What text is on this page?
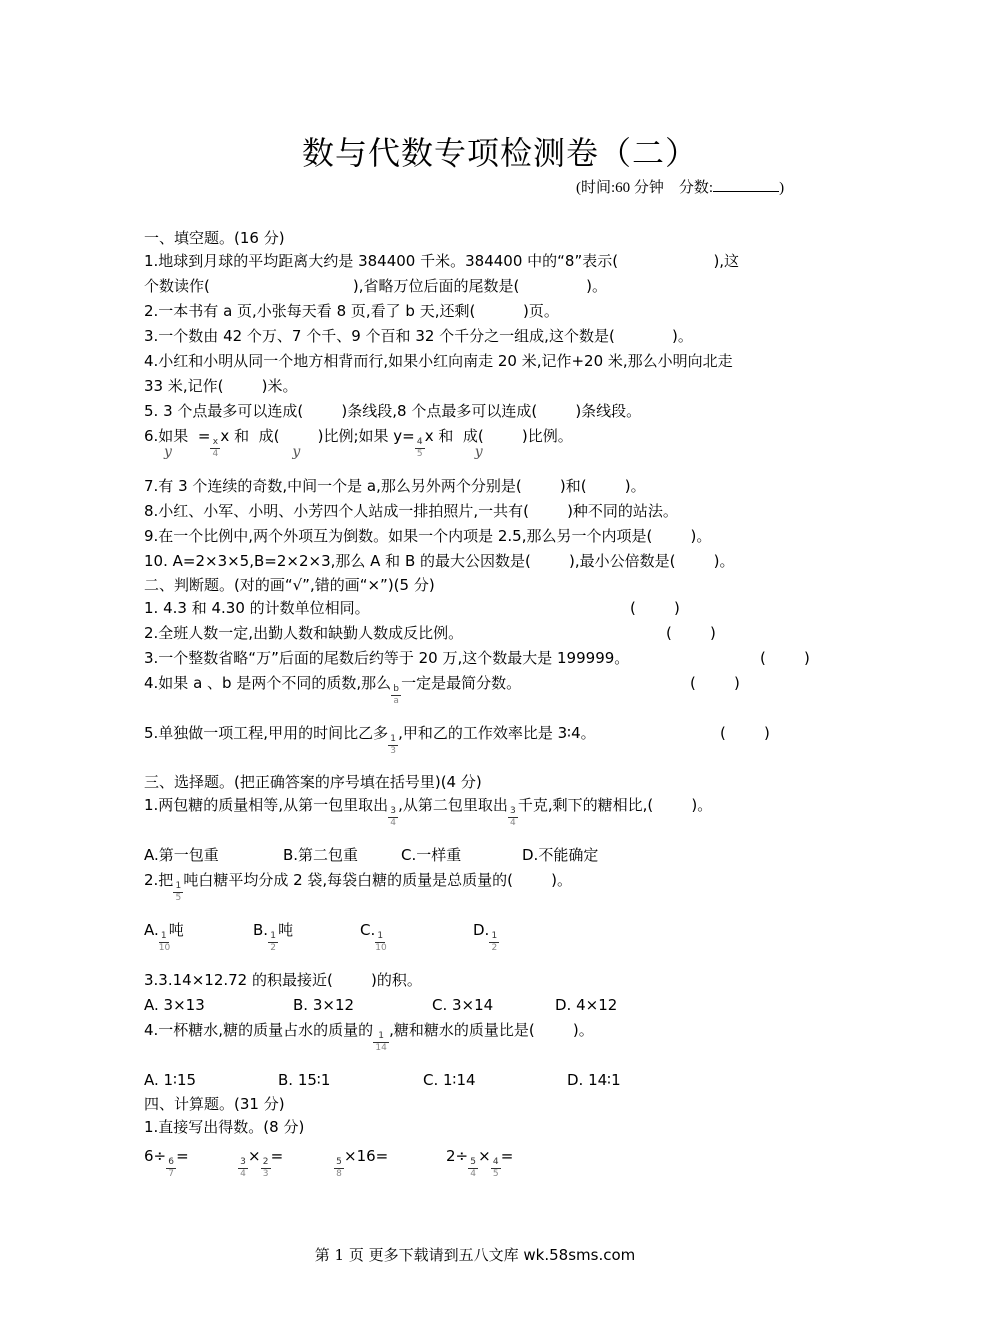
数与代数专项检测卷（二）
(时间:60 分钟 分数:	)

一、填空题。(16 分)

1.地球到月球的平均距离大约是 384400 千米。384400 中的“8”表示(                    ),这

个数读作(                              ),省略万位后面的尾数是(              )。

2.一本书有 a 页,小张每天看 8 页,看了 b 天,还剩(          )页。

3.一个数由 42 个万、7 个千、9 个百和 32 个千分之一组成,这个数是(            )。

4.小红和小明从同一个地方相背而行,如果小红向南走 20 米,记作+20 米,那么小明向北走

33 米,记作(        )米。

5. 3 个点最多可以连成(        )条线段,8 个点最多可以连成(        )条线段。

6.如果  =
y	$\frac{x}{4}$
x 和  成(        )比例;如果 y=
y	$\frac{4}{5}$
x 和  成(        )比例。
y

7.有 3 个连续的奇数,中间一个是 a,那么另外两个分别是(        )和(        )。

8.小红、小军、小明、小芳四个人站成一排拍照片,一共有(        )种不同的站法。

9.在一个比例中,两个外项互为倒数。如果一个内项是 2.5,那么另一个内项是(        )。

10. A=2×3×5,B=2×2×3,那么 A 和 B 的最大公因数是(        ),最小公倍数是(        )。

二、判断题。(对的画“√”,错的画“×”)(5 分)

1. 4.3 和 4.30 的计数单位相同。	(        )

2.全班人数一定,出勤人数和缺勤人数成反比例。	(        )

3.一个整数省略“万”后面的尾数后约等于 20 万,这个数最大是 199999。	(        )

4.如果 a 、b 是两个不同的质数,那么
$\frac{b}{a}$
一定是最简分数。	(        )

5.单独做一项工程,甲用的时间比乙多
$\frac{1}{3}$
,甲和乙的工作效率比是 3∶4。	(        )

三、选择题。(把正确答案的序号填在括号里)(4 分)

1.两包糖的质量相等,从第一包里取出
$\frac{3}{4}$
,从第二包里取出
$\frac{3}{4}$
千克,剩下的糖相比,(        )。

A.第一包重	B.第二包重	C.一样重	D.不能确定

2.把
$\frac{1}{5}$
吨白糖平均分成 2 袋,每袋白糖的质量是总质量的(        )。

A.
$\frac{1}{10}$
吨	B.
$\frac{1}{2}$
吨	C.
$\frac{1}{10}$
D.
$\frac{1}{2}$

3.3.14×12.72 的积最接近(        )的积。

A. 3×13	B. 3×12	C. 3×14	D. 4×12

4.一杯糖水,糖的质量占水的质量的
$\frac{1}{14}$
,糖和糖水的质量比是(        )。

A. 1∶15	B. 15∶1	C. 1∶14	D. 14∶1

四、计算题。(31 分)

1.直接写出得数。(8 分)

6÷
$\frac{6}{7}$
=
$\frac{3}{4}$
×
$\frac{2}{3}$
=
$\frac{5}{8}$
×16=	2÷
$\frac{5}{4}$
×
$\frac{4}{5}$
=
第 1 页 更多下载请到五八文库 wk.58sms.com
